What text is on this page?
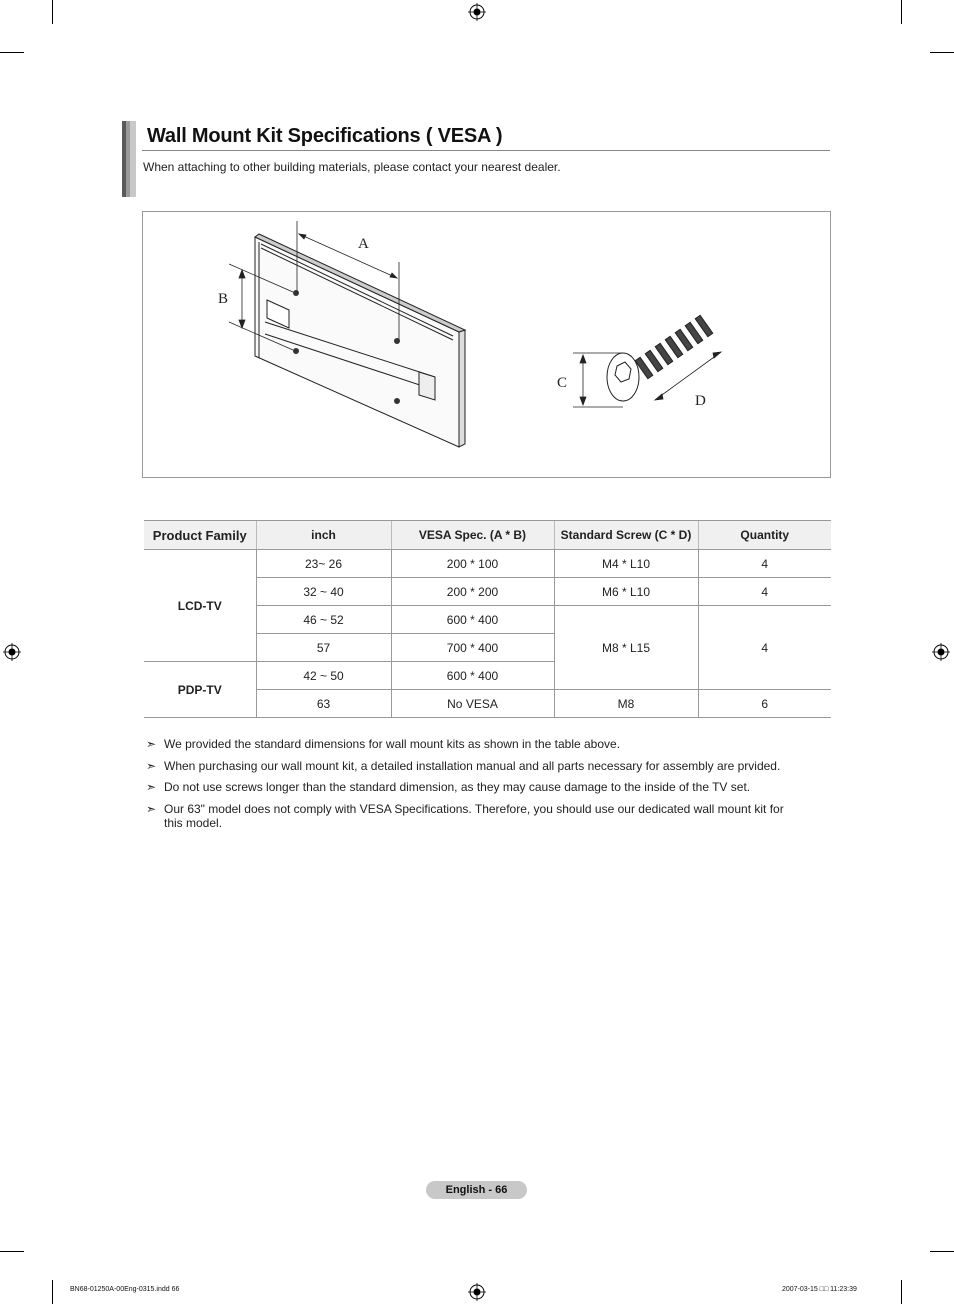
Wall Mount Kit Specifications ( VESA )
When attaching to other building materials, please contact your nearest dealer.
A
B
C
D
Product Family	inch	VESA Spec. (A * B)	Standard Screw (C * D)	Quantity
LCD-TV	23~ 26	200 * 100	M4 * L10	4
	32 ~ 40	200 * 200	M6 * L10	4
	46 ~ 52	600 * 400	M8 * L15	4
	57	700 * 400		
PDP-TV	42 ~ 50	600 * 400		
	63	No VESA	M8	6
➣ We provided the standard dimensions for wall mount kits as shown in the table above.
➣ When purchasing our wall mount kit, a detailed installation manual and all parts necessary for assembly are prvided.
➣ Do not use screws longer than the standard dimension, as they may cause damage to the inside of the TV set.
➣ Our 63" model does not comply with VESA Specifications. Therefore, you should use our dedicated wall mount kit for this model.
English - 66
BN68-01250A-00Eng-0315.indd 66	2007-03-15 □□ 11:23:39
